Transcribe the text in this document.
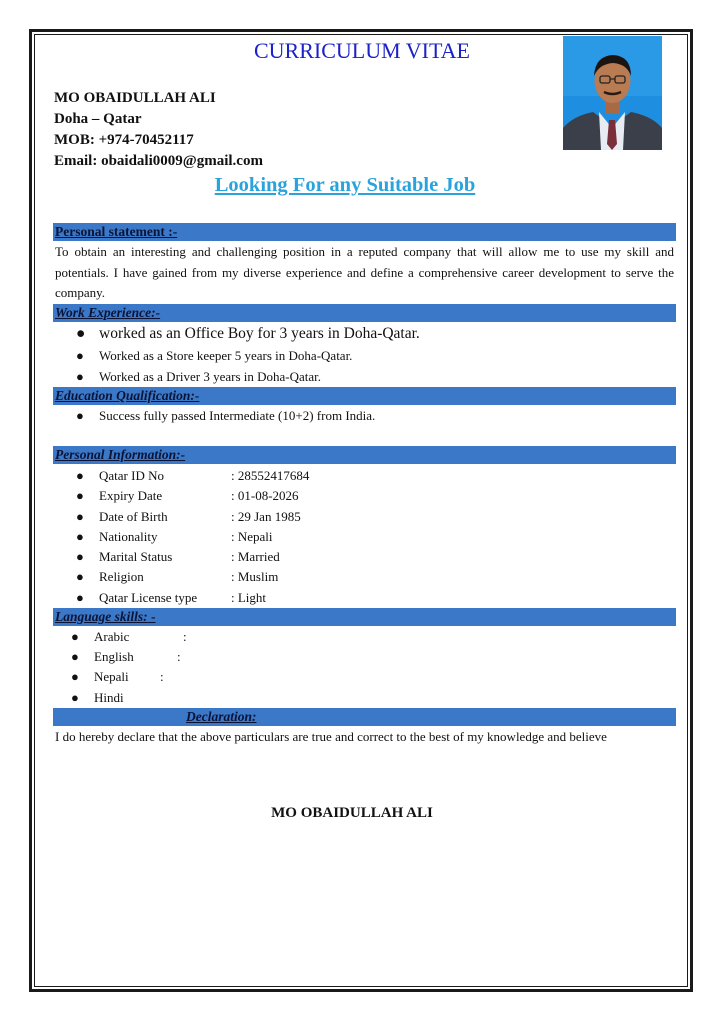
CURRICULUM VITAE
MO OBAIDULLAH ALI
Doha – Qatar
MOB: +974-70452117
Email: obaidali0009@gmail.com
Looking For any Suitable Job
Personal statement :-
To obtain an interesting and challenging position in a reputed company that will allow me to use my skill and potentials. I have gained from my diverse experience and define a comprehensive career development to serve the company.
Work Experience:-
● worked as an Office Boy for 3 years in Doha-Qatar.
● Worked as a Store keeper 5 years in Doha-Qatar.
● Worked as a Driver 3 years in Doha-Qatar.
Education Qualification:-
● Success fully passed Intermediate (10+2) from India.
Personal Information:-
● Qatar ID No	: 28552417684
● Expiry Date	: 01-08-2026
● Date of Birth	: 29 Jan 1985
● Nationality	: Nepali
● Marital Status	: Married
● Religion	: Muslim
● Qatar License type	: Light
Language skills: -
● Arabic	:
● English	:
● Nepali :
● Hindi
Declaration:
I do hereby declare that the above particulars are true and correct to the best of my knowledge and believe
MO OBAIDULLAH ALI
